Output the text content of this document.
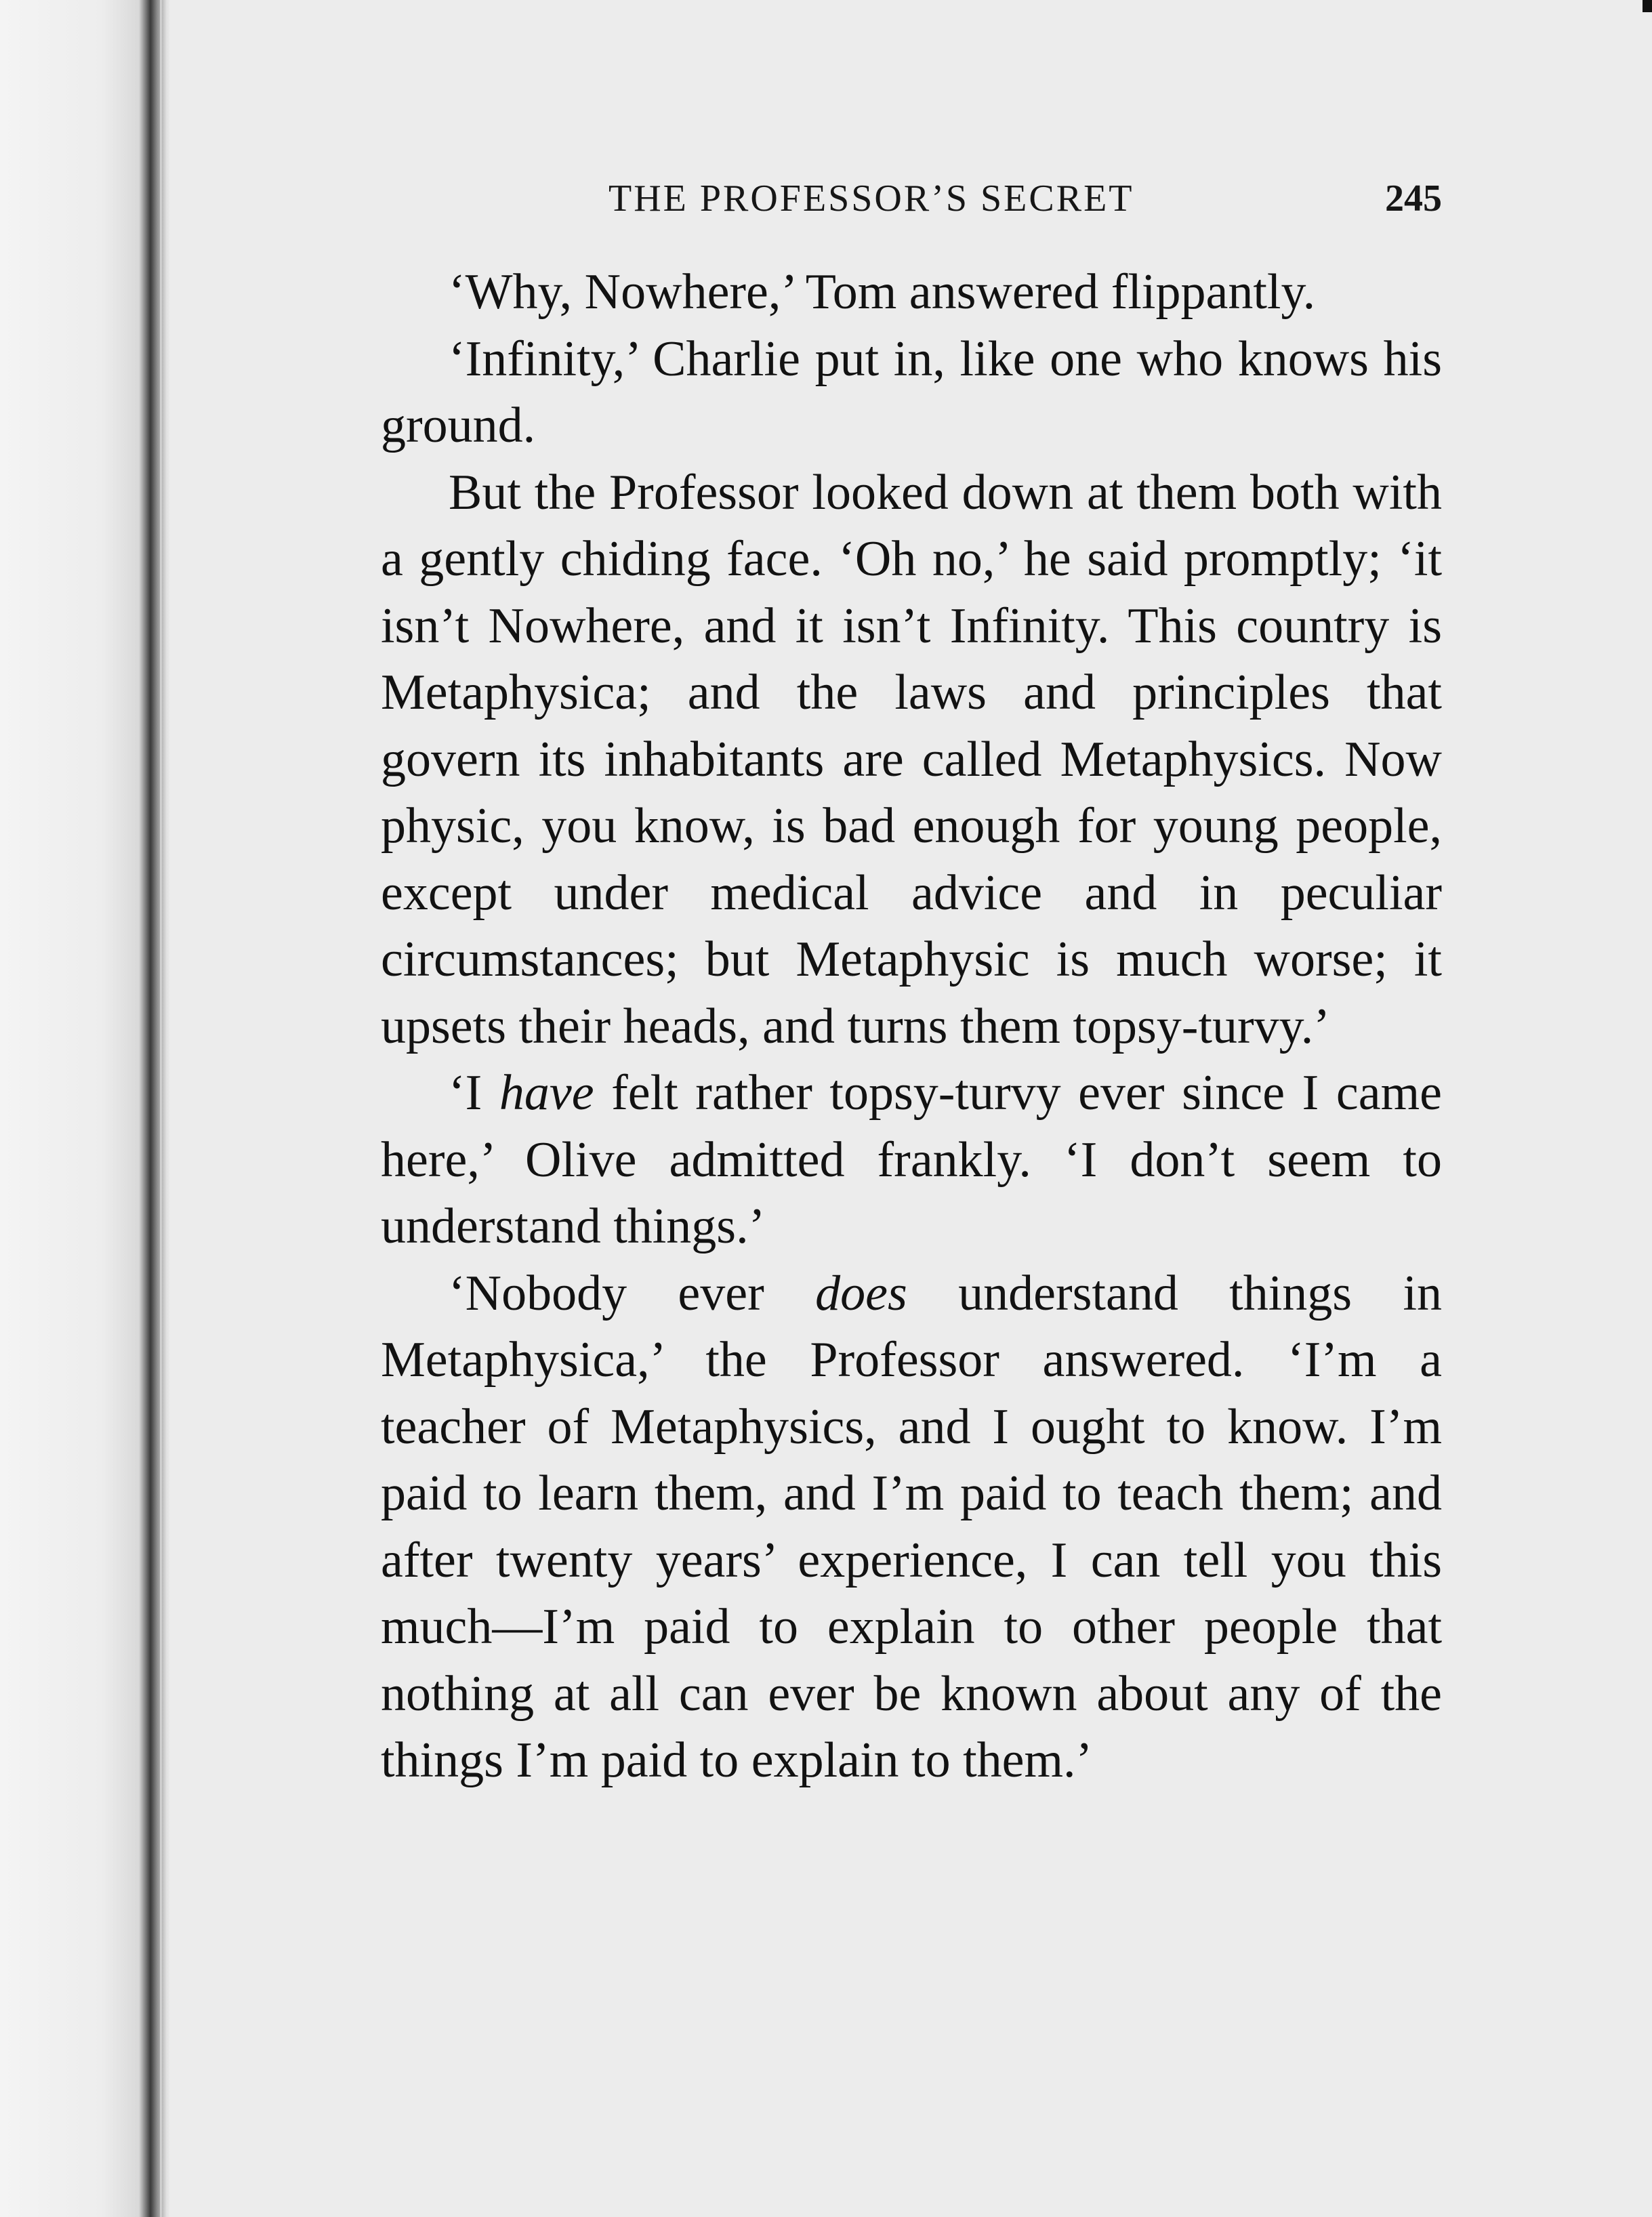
THE PROFESSOR’S SECRET	245

‘Why, Nowhere,’ Tom answered flippantly.

‘Infinity,’ Charlie put in, like one who knows his ground.

But the Professor looked down at them both with a gently chiding face. ‘Oh no,’ he said promptly; ‘it isn’t Nowhere, and it isn’t Infinity. This country is Metaphysica; and the laws and principles that govern its inhabitants are called Metaphysics. Now physic, you know, is bad enough for young people, except under medical advice and in peculiar circumstances; but Metaphysic is much worse; it upsets their heads, and turns them topsy-turvy.’

‘I have felt rather topsy-turvy ever since I came here,’ Olive admitted frankly. ‘I don’t seem to understand things.’

‘Nobody ever does understand things in Metaphysica,’ the Professor answered. ‘I’m a teacher of Metaphysics, and I ought to know. I’m paid to learn them, and I’m paid to teach them; and after twenty years’ experience, I can tell you this much—I’m paid to explain to other people that nothing at all can ever be known about any of the things I’m paid to explain to them.’
